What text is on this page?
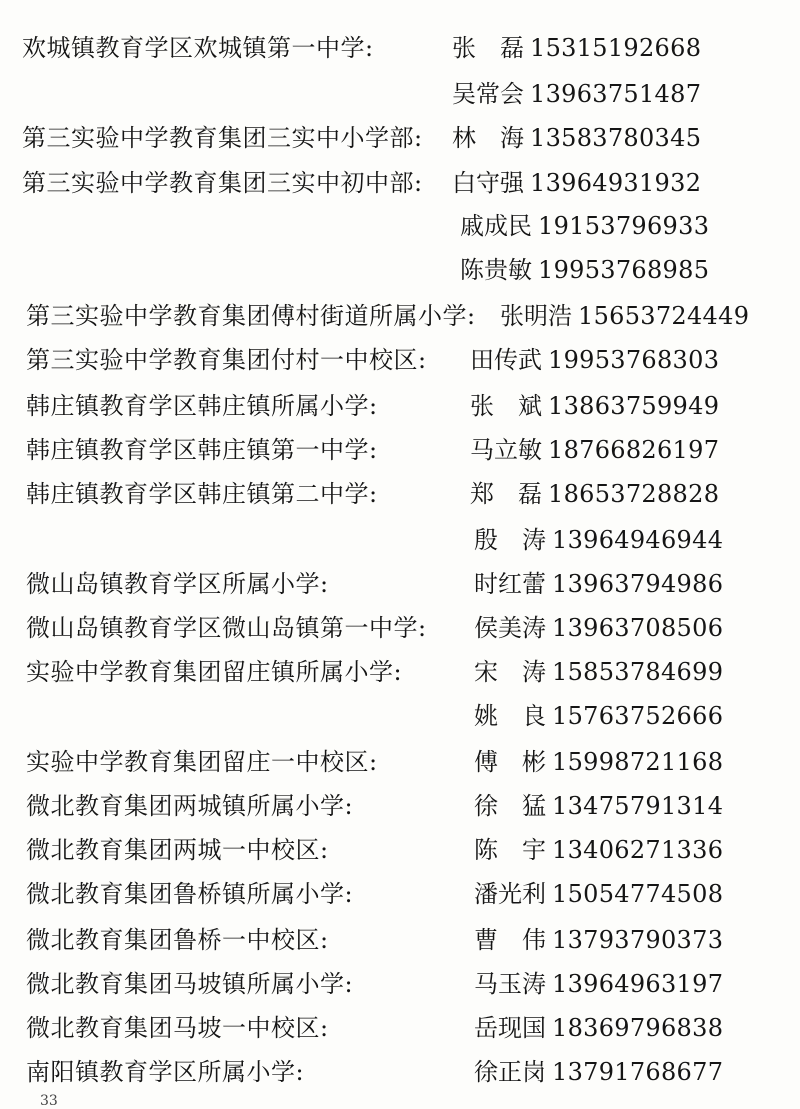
欢城镇教育学区欢城镇第一中学:	张　磊 15315192668
吴常会 13963751487
第三实验中学教育集团三实中小学部: 林　海 13583780345
第三实验中学教育集团三实中初中部: 白守强 13964931932
戚成民 19153796933
陈贵敏 19953768985
第三实验中学教育集团傅村街道所属小学: 张明浩 15653724449
第三实验中学教育集团付村一中校区: 田传武 19953768303
韩庄镇教育学区韩庄镇所属小学:	张　斌 13863759949
韩庄镇教育学区韩庄镇第一中学:	马立敏 18766826197
韩庄镇教育学区韩庄镇第二中学:	郑　磊 18653728828
殷　涛 13964946944
微山岛镇教育学区所属小学:	时红蕾 13963794986
微山岛镇教育学区微山岛镇第一中学: 侯美涛 13963708506
实验中学教育集团留庄镇所属小学:	宋　涛 15853784699
姚　良 15763752666
实验中学教育集团留庄一中校区:	傅　彬 15998721168
微北教育集团两城镇所属小学:	徐　猛 13475791314
微北教育集团两城一中校区:	陈　宇 13406271336
微北教育集团鲁桥镇所属小学:	潘光利 15054774508
微北教育集团鲁桥一中校区:	曹　伟 13793790373
微北教育集团马坡镇所属小学:	马玉涛 13964963197
微北教育集团马坡一中校区:	岳现国 18369796838
南阳镇教育学区所属小学:	徐正岗 13791768677
33
